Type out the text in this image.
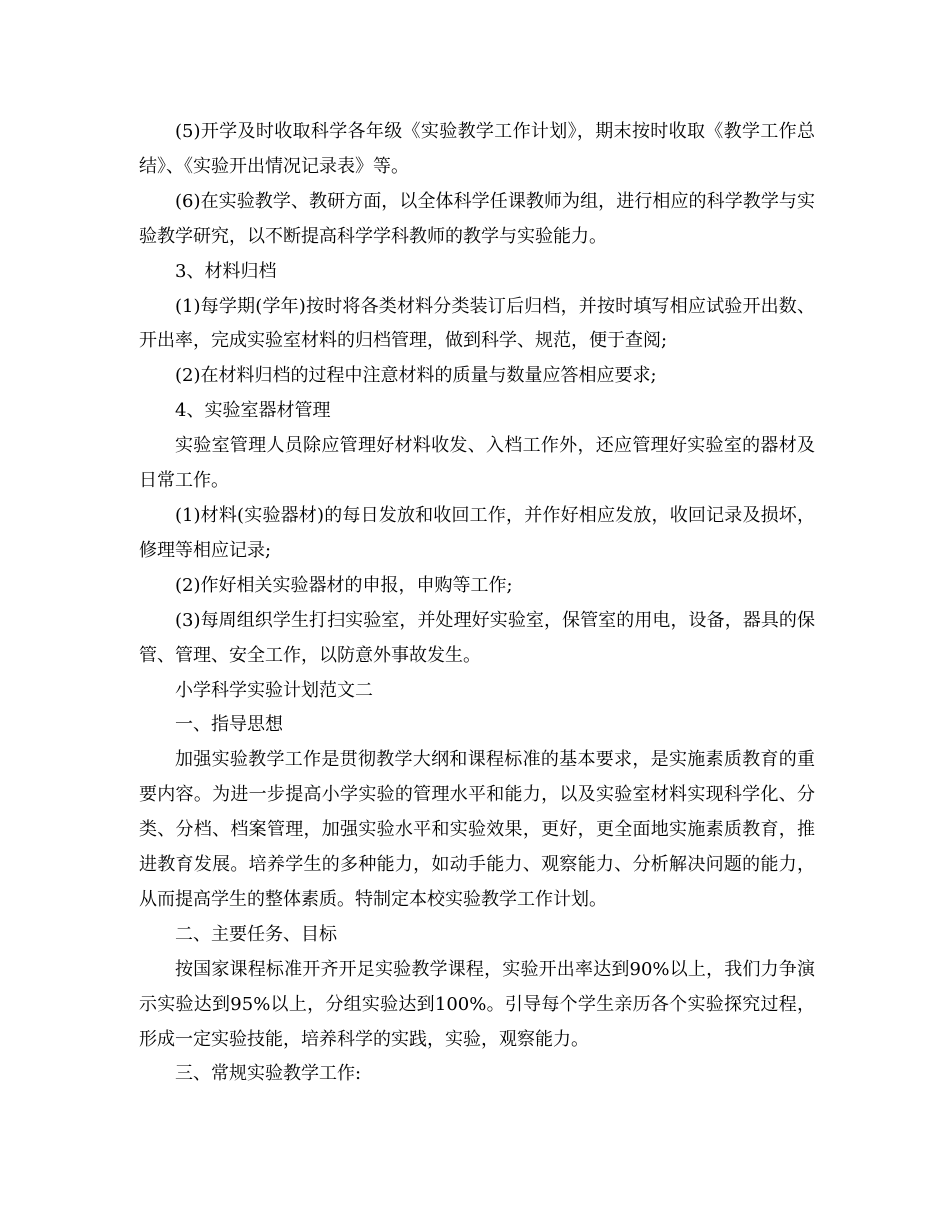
(5)开学及时收取科学各年级《实验教学工作计划》，期末按时收取《教学工作总结》、《实验开出情况记录表》等。

(6)在实验教学、教研方面，以全体科学任课教师为组，进行相应的科学教学与实验教学研究，以不断提高科学学科教师的教学与实验能力。

3、材料归档

(1)每学期(学年)按时将各类材料分类装订后归档，并按时填写相应试验开出数、开出率，完成实验室材料的归档管理，做到科学、规范，便于查阅;

(2)在材料归档的过程中注意材料的质量与数量应答相应要求;

4、实验室器材管理

实验室管理人员除应管理好材料收发、入档工作外，还应管理好实验室的器材及日常工作。

(1)材料(实验器材)的每日发放和收回工作，并作好相应发放，收回记录及损坏，修理等相应记录;

(2)作好相关实验器材的申报，申购等工作;

(3)每周组织学生打扫实验室，并处理好实验室，保管室的用电，设备，器具的保管、管理、安全工作，以防意外事故发生。

小学科学实验计划范文二

一、指导思想

加强实验教学工作是贯彻教学大纲和课程标准的基本要求，是实施素质教育的重要内容。为进一步提高小学实验的管理水平和能力，以及实验室材料实现科学化、分类、分档、档案管理，加强实验水平和实验效果，更好，更全面地实施素质教育，推进教育发展。培养学生的多种能力，如动手能力、观察能力、分析解决问题的能力，从而提高学生的整体素质。特制定本校实验教学工作计划。

二、主要任务、目标

按国家课程标准开齐开足实验教学课程，实验开出率达到90%以上，我们力争演示实验达到95%以上，分组实验达到100%。引导每个学生亲历各个实验探究过程，形成一定实验技能，培养科学的实践，实验，观察能力。

三、常规实验教学工作:
